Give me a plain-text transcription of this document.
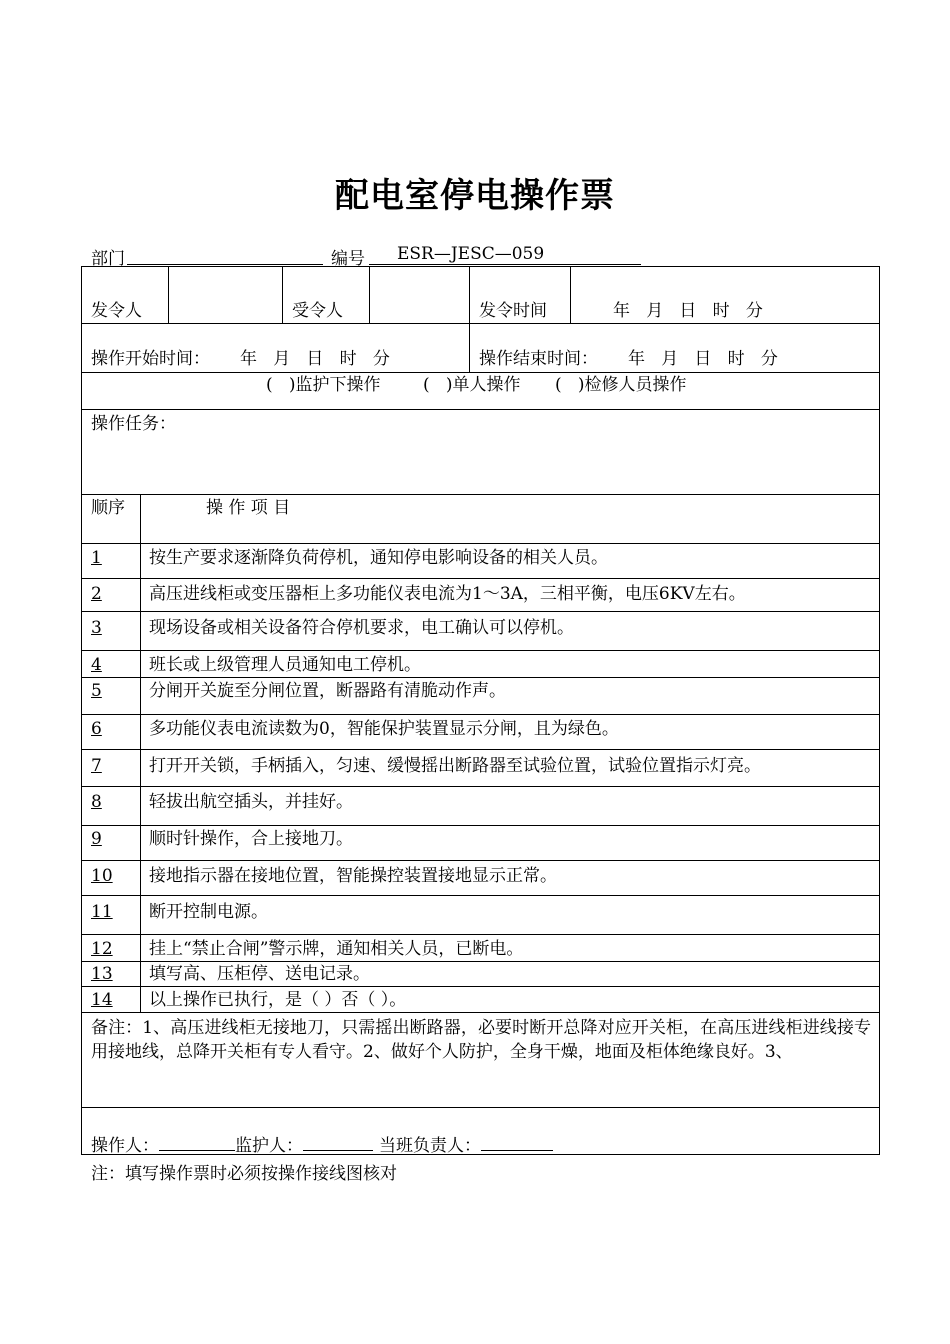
配电室停电操作票
部门	编号 ESR—JESC—059
发令人	受令人	发令时间	年   月   日   时   分
操作开始时间： 年   月   日   时   分	操作结束时间： 年   月   日   时   分
(   )监护下操作	(   )单人操作 (   )检修人员操作
操作任务：
顺序	操 作 项 目
1	按生产要求逐渐降负荷停机，通知停电影响设备的相关人员。
2	高压进线柜或变压器柜上多功能仪表电流为1～3A，三相平衡，电压6KV左右。
3	现场设备或相关设备符合停机要求，电工确认可以停机。
4	班长或上级管理人员通知电工停机。
5	分闸开关旋至分闸位置，断器路有清脆动作声。
6	多功能仪表电流读数为0，智能保护装置显示分闸，且为绿色。
7	打开开关锁，手柄插入，匀速、缓慢摇出断路器至试验位置，试验位置指示灯亮。
8	轻拔出航空插头，并挂好。
9	顺时针操作，合上接地刀。
10 接地指示器在接地位置，智能操控装置接地显示正常。
11 断开控制电源。
12 挂上“禁止合闸”警示牌，通知相关人员，已断电。
13 填写高、压柜停、送电记录。
14 以上操作已执行，是（ ）否（ ）。
备注：1、高压进线柜无接地刀，只需摇出断路器，必要时断开总降对应开关柜，在高压进线柜进线接专用接地线，总降开关柜有专人看守。2、做好个人防护，全身干燥，地面及柜体绝缘良好。3、
操作人：	监护人：	当班负责人：
注：填写操作票时必须按操作接线图核对
